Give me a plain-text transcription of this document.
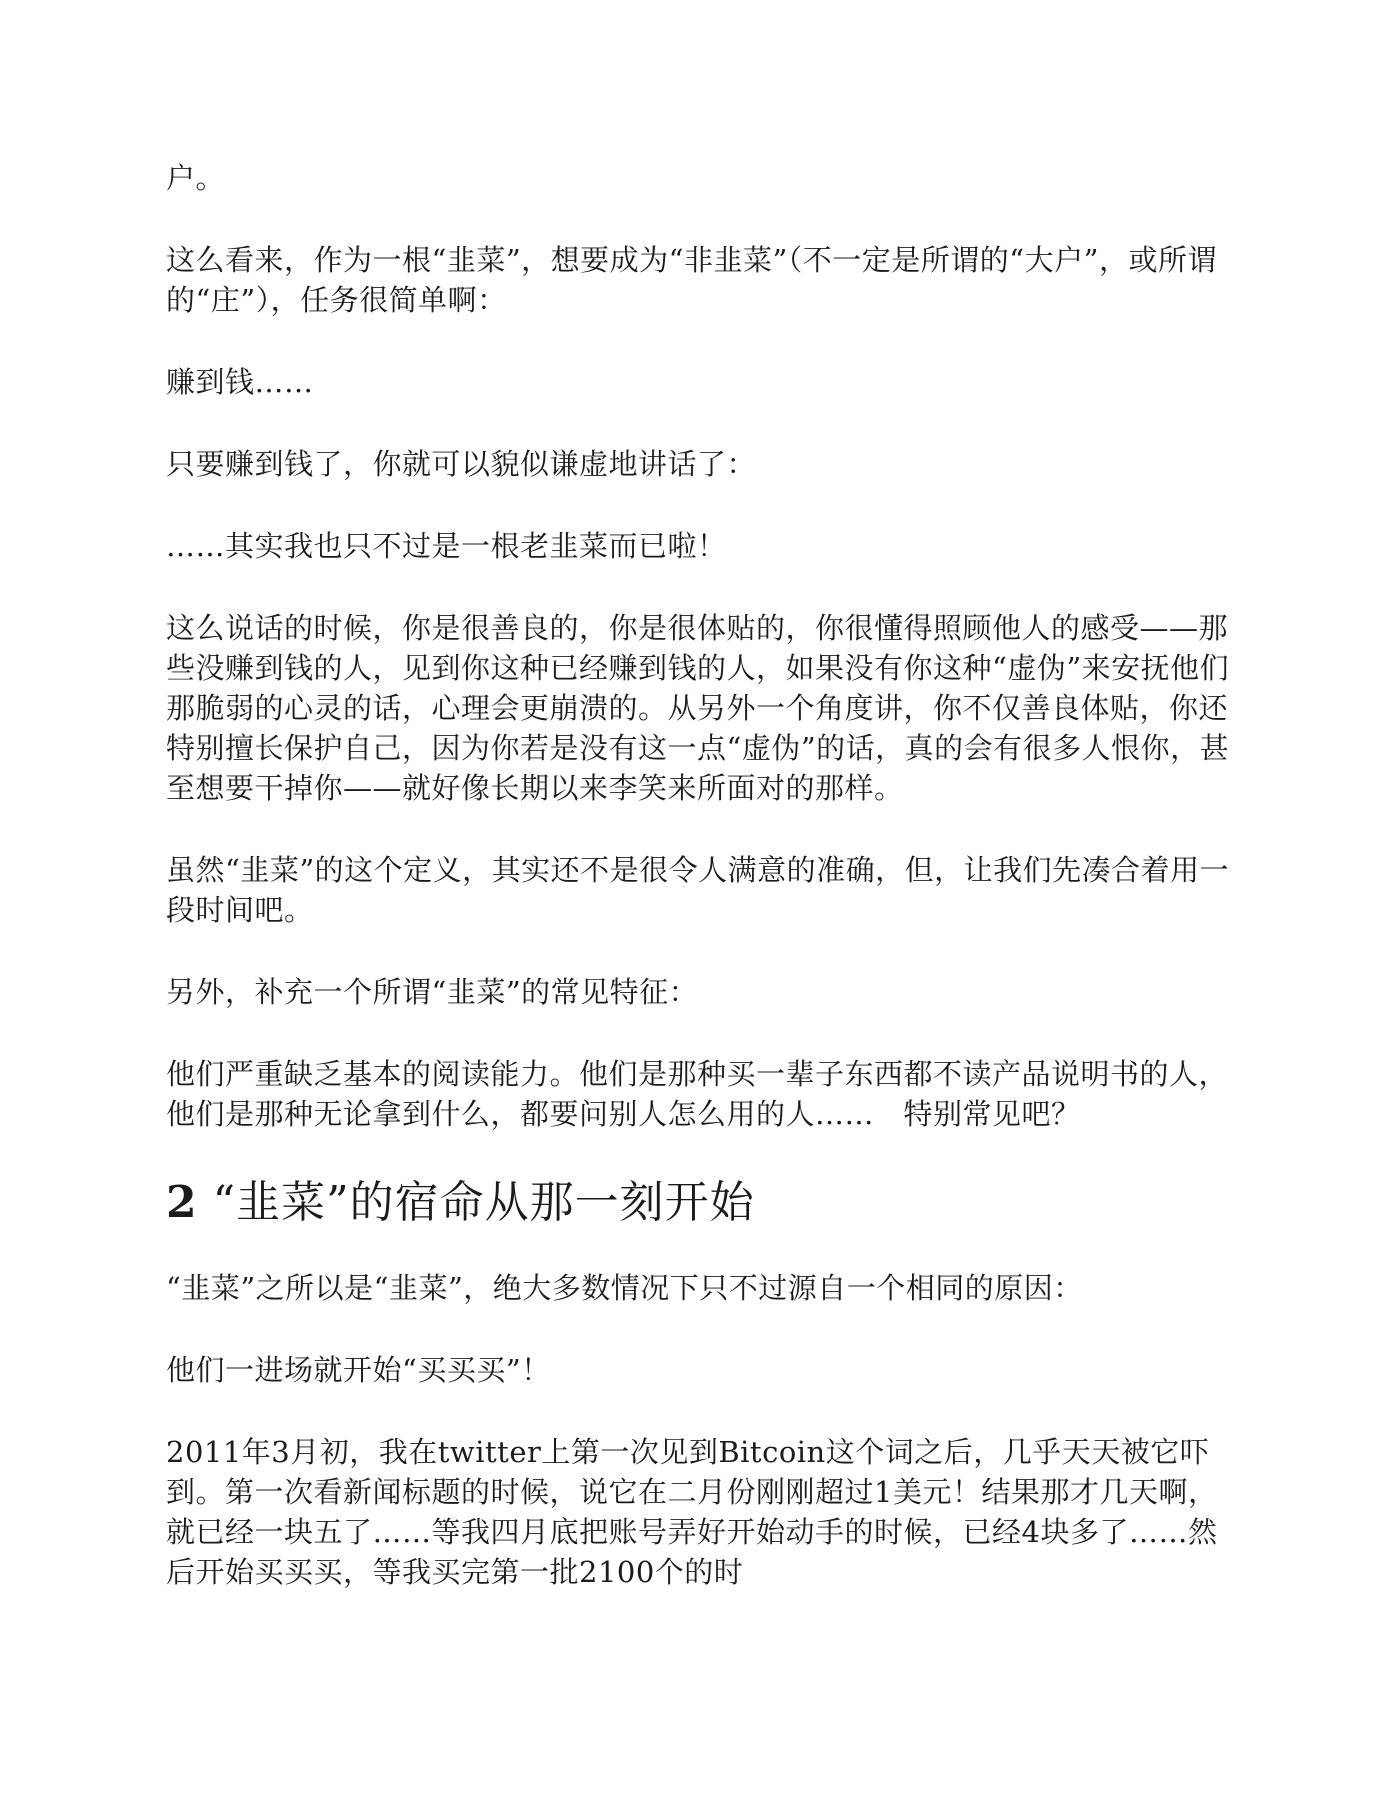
户。

这么看来，作为一根“韭菜”，想要成为“非韭菜”（不一定是所谓的“大户”，或所谓的“庄”），任务很简单啊：

赚到钱……

只要赚到钱了，你就可以貌似谦虚地讲话了：

……其实我也只不过是一根老韭菜而已啦！

这么说话的时候，你是很善良的，你是很体贴的，你很懂得照顾他人的感受——那些没赚到钱的人，见到你这种已经赚到钱的人，如果没有你这种“虚伪”来安抚他们那脆弱的心灵的话，心理会更崩溃的。从另外一个角度讲，你不仅善良体贴，你还特别擅长保护自己，因为你若是没有这一点“虚伪”的话，真的会有很多人恨你，甚至想要干掉你——就好像长期以来李笑来所面对的那样。

虽然“韭菜”的这个定义，其实还不是很令人满意的准确，但，让我们先凑合着用一段时间吧。

另外，补充一个所谓“韭菜”的常见特征：

他们严重缺乏基本的阅读能力。他们是那种买一辈子东西都不读产品说明书的人，他们是那种无论拿到什么，都要问别人怎么用的人……　特别常见吧？

2 “韭菜”的宿命从那一刻开始

“韭菜”之所以是“韭菜”，绝大多数情况下只不过源自一个相同的原因：

他们一进场就开始“买买买”！

2011年3月初，我在twitter上第一次见到Bitcoin这个词之后，几乎天天被它吓到。第一次看新闻标题的时候，说它在二月份刚刚超过1美元！结果那才几天啊，就已经一块五了……等我四月底把账号弄好开始动手的时候，已经4块多了……然后开始买买买，等我买完第一批2100个的时
